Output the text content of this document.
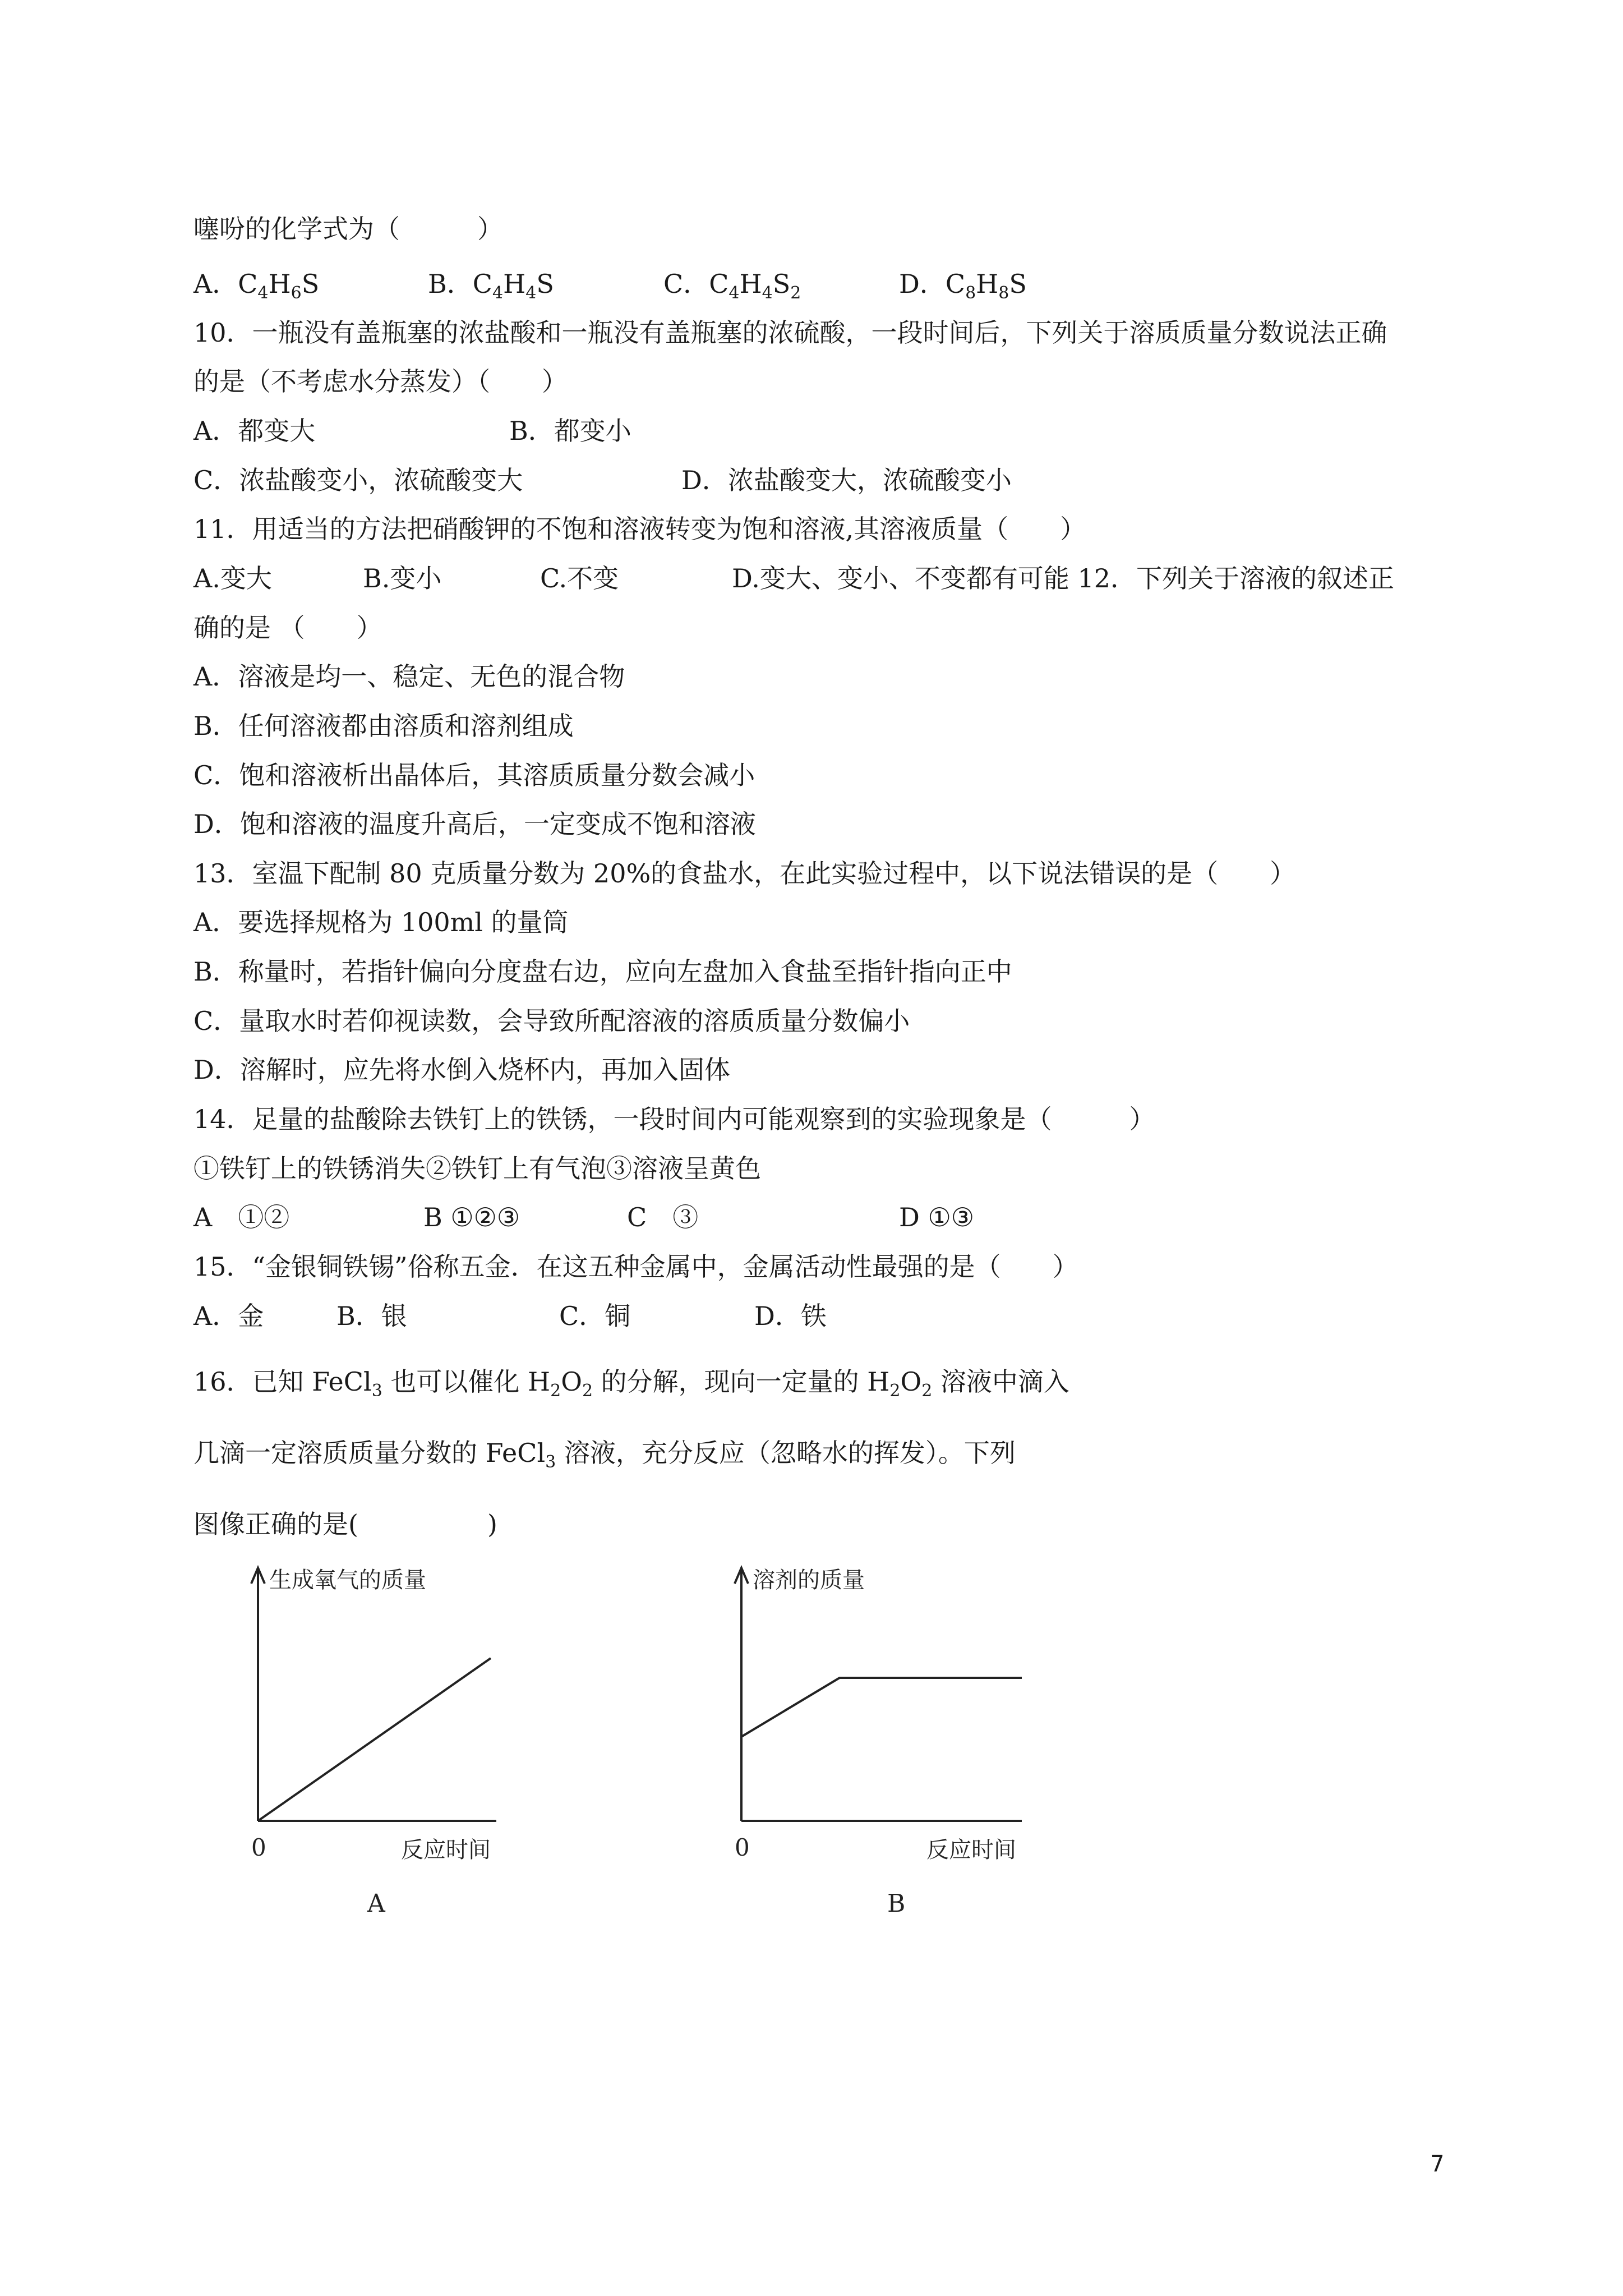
噻吩的化学式为（　　　）
A．$C_4H_6S$	B．$C_4H_4S$	C．$C_4H_4S_2$	D．$C_8H_8S$
10．一瓶没有盖瓶塞的浓盐酸和一瓶没有盖瓶塞的浓硫酸，一段时间后，下列关于溶质质量分数说法正确
的是（不考虑水分蒸发）（　　）
A．都变大	B．都变小
C．浓盐酸变小，浓硫酸变大	D．浓盐酸变大，浓硫酸变小
11．用适当的方法把硝酸钾的不饱和溶液转变为饱和溶液,其溶液质量（　　）
A.变大	B.变小	C.不变	D.变大、变小、不变都有可能 12．下列关于溶液的叙述正
确的是 （　　）
A．溶液是均一、稳定、无色的混合物
B．任何溶液都由溶质和溶剂组成
C．饱和溶液析出晶体后，其溶质质量分数会减小
D．饱和溶液的温度升高后，一定变成不饱和溶液
13．室温下配制 80 克质量分数为 20%的食盐水，在此实验过程中，以下说法错误的是（　　）
A．要选择规格为 100ml 的量筒
B．称量时，若指针偏向分度盘右边，应向左盘加入食盐至指针指向正中
C．量取水时若仰视读数，会导致所配溶液的溶质质量分数偏小
D．溶解时，应先将水倒入烧杯内，再加入固体
14．足量的盐酸除去铁钉上的铁锈，一段时间内可能观察到的实验现象是（　　　）
①铁钉上的铁锈消失②铁钉上有气泡③溶液呈黄色
A　①②	B ①②③	C　③	D ①③
15．“金银铜铁锡”俗称五金．在这五种金属中，金属活动性最强的是（　　）
A．金	B．银	C．铜	D．铁
16．已知 FeCl$_3$ 也可以催化 $H_2O_2$ 的分解，现向一定量的 $H_2O_2$ 溶液中滴入
几滴一定溶质质量分数的 FeCl$_3$ 溶液，充分反应（忽略水的挥发）。下列
图像正确的是(　　　　　)
生成氧气的质量
反应时间
0
A
溶剂的质量
反应时间
0
B
7
